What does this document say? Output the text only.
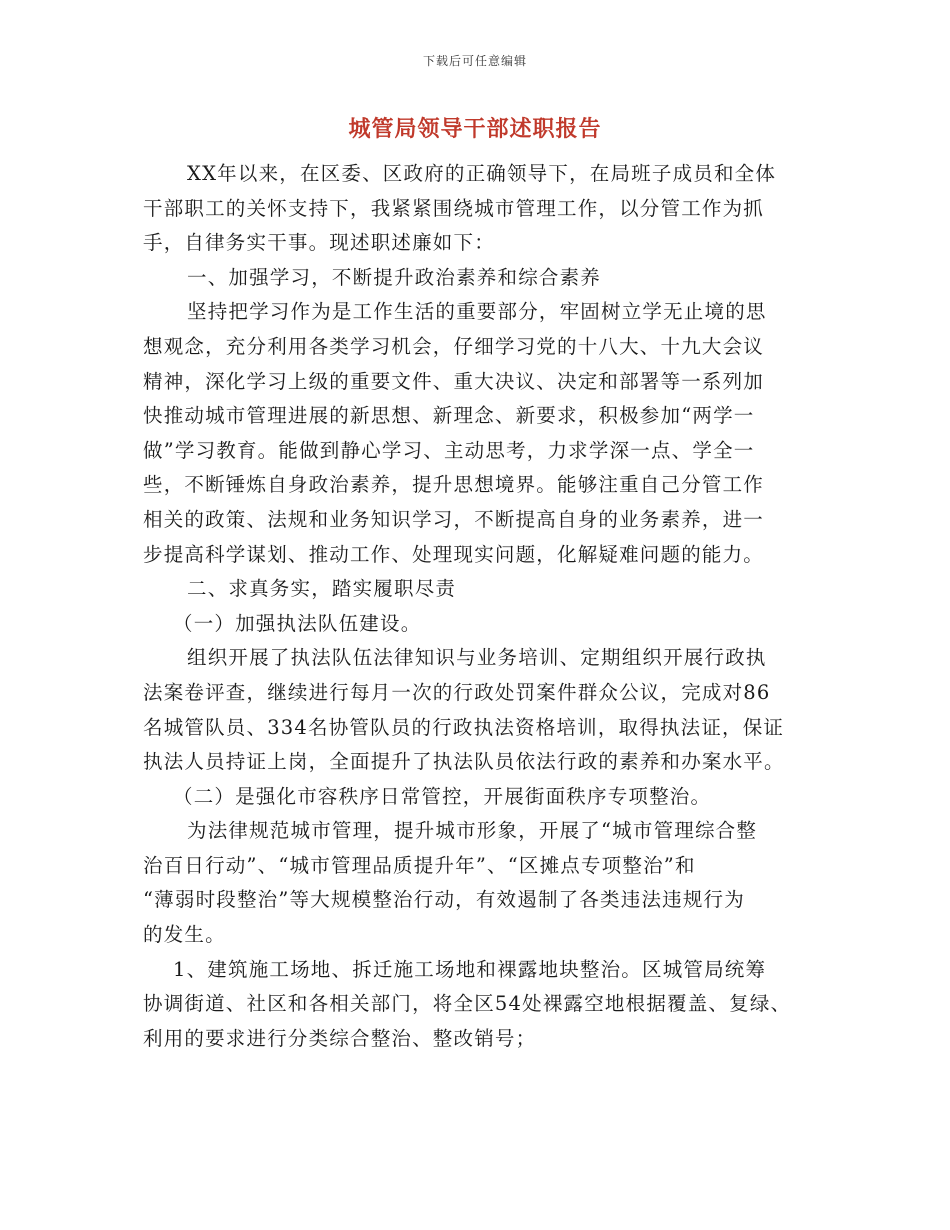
下载后可任意编辑
城管局领导干部述职报告
XX年以来，在区委、区政府的正确领导下，在局班子成员和全体
干部职工的关怀支持下，我紧紧围绕城市管理工作，以分管工作为抓
手，自律务实干事。现述职述廉如下：
一、加强学习，不断提升政治素养和综合素养
坚持把学习作为是工作生活的重要部分，牢固树立学无止境的思
想观念，充分利用各类学习机会，仔细学习党的十八大、十九大会议
精神，深化学习上级的重要文件、重大决议、决定和部署等一系列加
快推动城市管理进展的新思想、新理念、新要求，积极参加“两学一
做”学习教育。能做到静心学习、主动思考，力求学深一点、学全一
些，不断锤炼自身政治素养，提升思想境界。能够注重自己分管工作
相关的政策、法规和业务知识学习，不断提高自身的业务素养，进一
步提高科学谋划、推动工作、处理现实问题，化解疑难问题的能力。
二、求真务实，踏实履职尽责
（一）加强执法队伍建设。
组织开展了执法队伍法律知识与业务培训、定期组织开展行政执
法案卷评查，继续进行每月一次的行政处罚案件群众公议，完成对86
名城管队员、334名协管队员的行政执法资格培训，取得执法证，保证
执法人员持证上岗，全面提升了执法队员依法行政的素养和办案水平。
（二）是强化市容秩序日常管控，开展街面秩序专项整治。
为法律规范城市管理，提升城市形象，开展了“城市管理综合整
治百日行动”、“城市管理品质提升年”、“区摊点专项整治”和
“薄弱时段整治”等大规模整治行动，有效遏制了各类违法违规行为
的发生。
1、建筑施工场地、拆迁施工场地和裸露地块整治。区城管局统筹
协调街道、社区和各相关部门，将全区54处裸露空地根据覆盖、复绿、
利用的要求进行分类综合整治、整改销号；
